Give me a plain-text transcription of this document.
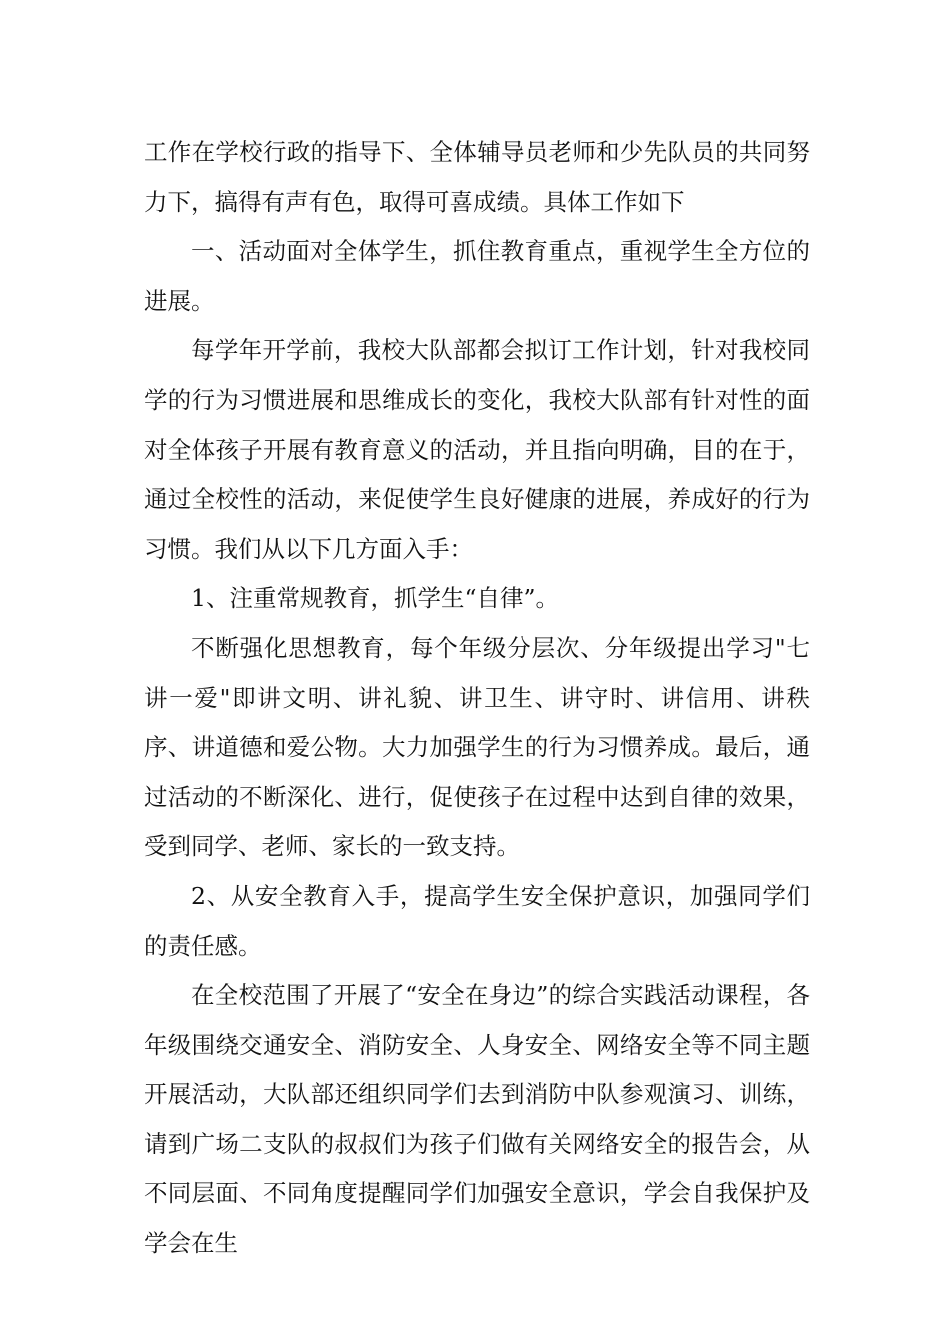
工作在学校行政的指导下、全体辅导员老师和少先队员的共同努力下，搞得有声有色，取得可喜成绩。具体工作如下

一、活动面对全体学生，抓住教育重点，重视学生全方位的进展。

每学年开学前，我校大队部都会拟订工作计划，针对我校同学的行为习惯进展和思维成长的变化，我校大队部有针对性的面对全体孩子开展有教育意义的活动，并且指向明确，目的在于，通过全校性的活动，来促使学生良好健康的进展，养成好的行为习惯。我们从以下几方面入手：

1、注重常规教育，抓学生“自律”。

不断强化思想教育，每个年级分层次、分年级提出学习"七讲一爱"即讲文明、讲礼貌、讲卫生、讲守时、讲信用、讲秩序、讲道德和爱公物。大力加强学生的行为习惯养成。最后，通过活动的不断深化、进行，促使孩子在过程中达到自律的效果，受到同学、老师、家长的一致支持。

2、从安全教育入手，提高学生安全保护意识，加强同学们的责任感。

在全校范围了开展了“安全在身边”的综合实践活动课程，各年级围绕交通安全、消防安全、人身安全、网络安全等不同主题开展活动，大队部还组织同学们去到消防中队参观演习、训练，请到广场二支队的叔叔们为孩子们做有关网络安全的报告会，从不同层面、不同角度提醒同学们加强安全意识，学会自我保护及学会在生
